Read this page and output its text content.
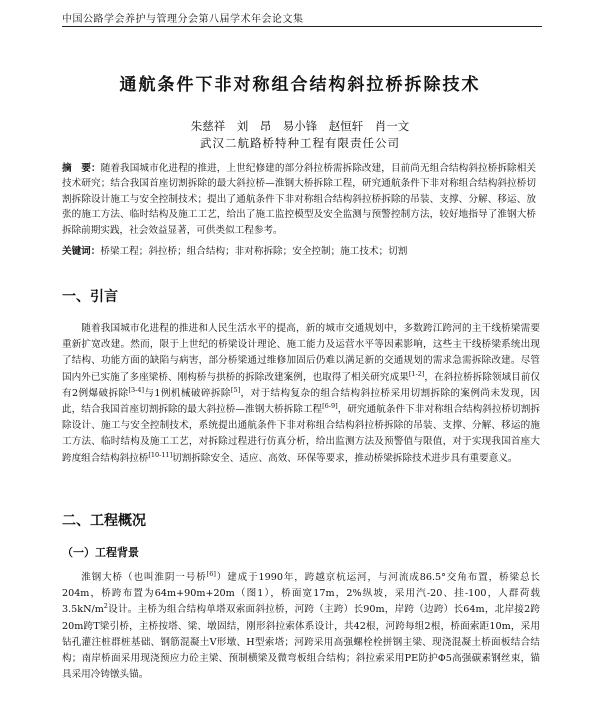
中国公路学会养护与管理分会第八届学术年会论文集
通航条件下非对称组合结构斜拉桥拆除技术
朱慈祥　刘　昂　易小锋　赵恒轩　肖一文
武汉二航路桥特种工程有限责任公司
摘　要：随着我国城市化进程的推进，上世纪修建的部分斜拉桥需拆除改建，目前尚无组合结构斜拉桥拆除相关技术研究；结合我国首座切割拆除的最大斜拉桥—淮钢大桥拆除工程，研究通航条件下非对称组合结构斜拉桥切割拆除设计施工与安全控制技术；提出了通航条件下非对称组合结构斜拉桥拆除的吊装、支撑、分解、移运、放张的施工方法、临时结构及施工工艺，给出了施工监控模型及安全监测与预警控制方法，较好地指导了淮钢大桥拆除前期实践，社会效益显著，可供类似工程参考。
关键词：桥梁工程；斜拉桥；组合结构；非对称拆除；安全控制；施工技术；切割
一、引言
随着我国城市化进程的推进和人民生活水平的提高，新的城市交通规划中，多数跨江跨河的主干线桥梁需要重新扩宽改建。然而，限于上世纪的桥梁设计理论、施工能力及运营水平等因素影响，这些主干线桥梁系统出现了结构、功能方面的缺陷与病害，部分桥梁通过维修加固后仍难以满足新的交通规划的需求急需拆除改建。尽管国内外已实施了多座梁桥、刚构桥与拱桥的拆除改建案例，也取得了相关研究成果[1-2]，在斜拉桥拆除领域目前仅有2例爆破拆除[3-4]与1例机械破碎拆除[5]，对于结构复杂的组合结构斜拉桥采用切割拆除的案例尚未发现，因此，结合我国首座切割拆除的最大斜拉桥—淮钢大桥拆除工程[6-9]，研究通航条件下非对称组合结构斜拉桥切割拆除设计、施工与安全控制技术，系统提出通航条件下非对称组合结构斜拉桥拆除的吊装、支撑、分解、移运的施工方法、临时结构及施工工艺，对拆除过程进行仿真分析，给出监测方法及预警值与限值，对于实现我国首座大跨度组合结构斜拉桥[10-11]切割拆除安全、适应、高效、环保等要求，推动桥梁拆除技术进步具有重要意义。
二、工程概况
（一）工程背景
淮钢大桥（也叫淮阴一号桥[6]）建成于1990年，跨越京杭运河，与河流成86.5°交角布置，桥梁总长204m，桥跨布置为64m+90m+20m（图1），桥面宽17m，2%纵坡，采用汽-20、挂-100，人群荷载$3.5kN/m^2$设计。主桥为组合结构单塔双索面斜拉桥，河跨（主跨）长90m，岸跨（边跨）长64m，北岸接2跨20m跨T梁引桥，主桥按塔、梁、墩固结，刚形斜拉索体系设计，共42根，河跨每组2根，桥面索距10m，采用钻孔灌注桩群桩基础、钢筋混凝土V形墩、H型索塔；河跨采用高强螺栓栓拼钢主梁、现浇混凝土桥面板结合结构；南岸桥面采用现浇预应力砼主梁、预制横梁及微弯板组合结构；斜拉索采用PE防护Φ5高强碳素钢丝束，锚具采用冷铸镦头锚。
